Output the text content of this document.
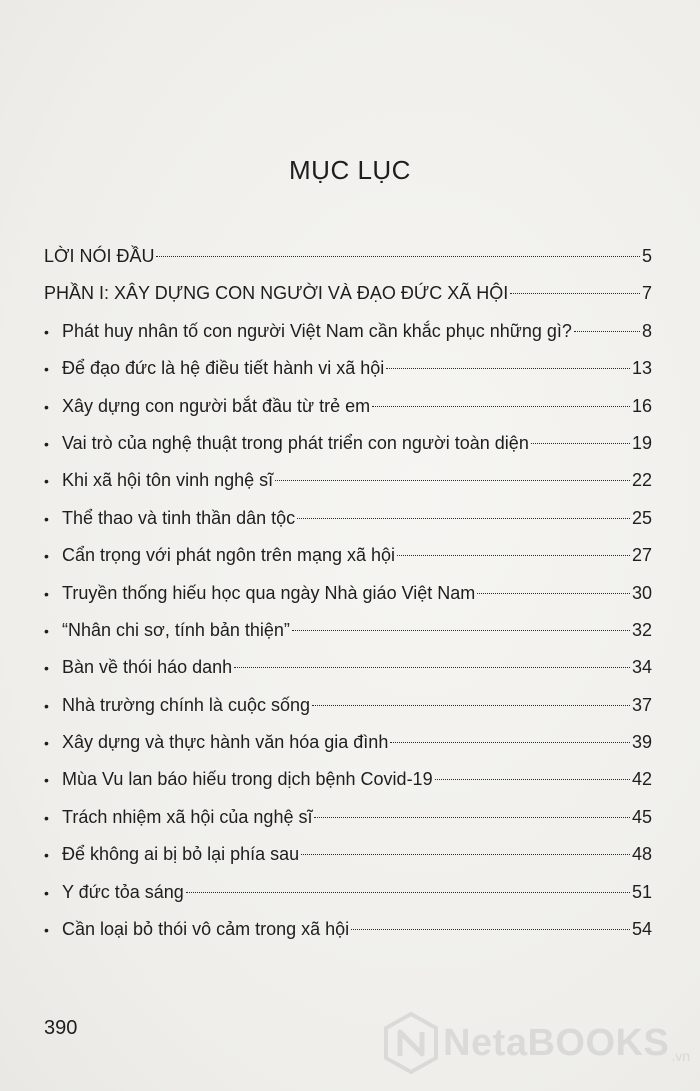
MỤC LỤC
LỜI NÓI ĐẦU	5
PHẦN I: XÂY DỰNG CON NGƯỜI VÀ ĐẠO ĐỨC XÃ HỘI	7
• Phát huy nhân tố con người Việt Nam cần khắc phục những gì?	8
• Để đạo đức là hệ điều tiết hành vi xã hội	13
• Xây dựng con người bắt đầu từ trẻ em	16
• Vai trò của nghệ thuật trong phát triển con người toàn diện	19
• Khi xã hội tôn vinh nghệ sĩ	22
• Thể thao và tinh thần dân tộc	25
• Cẩn trọng với phát ngôn trên mạng xã hội	27
• Truyền thống hiếu học qua ngày Nhà giáo Việt Nam	30
• “Nhân chi sơ, tính bản thiện”	32
• Bàn về thói háo danh	34
• Nhà trường chính là cuộc sống	37
• Xây dựng và thực hành văn hóa gia đình	39
• Mùa Vu lan báo hiếu trong dịch bệnh Covid-19	42
• Trách nhiệm xã hội của nghệ sĩ	45
• Để không ai bị bỏ lại phía sau	48
• Y đức tỏa sáng	51
• Cần loại bỏ thói vô cảm trong xã hội	54
390	NetaBOOKS .vn
